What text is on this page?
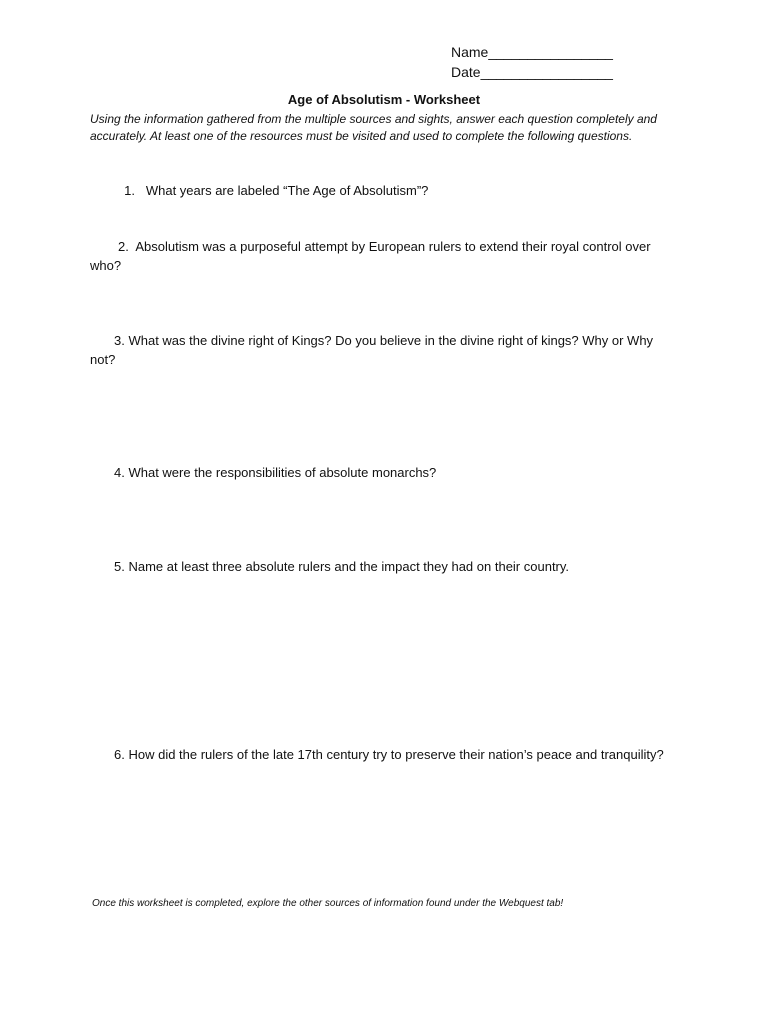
Name________________
Date_________________
Age of Absolutism - Worksheet
Using the information gathered from the multiple sources and sights, answer each question completely and accurately. At least one of the resources must be visited and used to complete the following questions.
1. What years are labeled “The Age of Absolutism”?
2. Absolutism was a purposeful attempt by European rulers to extend their royal control over who?
3. What was the divine right of Kings? Do you believe in the divine right of kings? Why or Why not?
4. What were the responsibilities of absolute monarchs?
5. Name at least three absolute rulers and the impact they had on their country.
6. How did the rulers of the late 17th century try to preserve their nation’s peace and tranquility?
Once this worksheet is completed, explore the other sources of information found under the Webquest tab!
